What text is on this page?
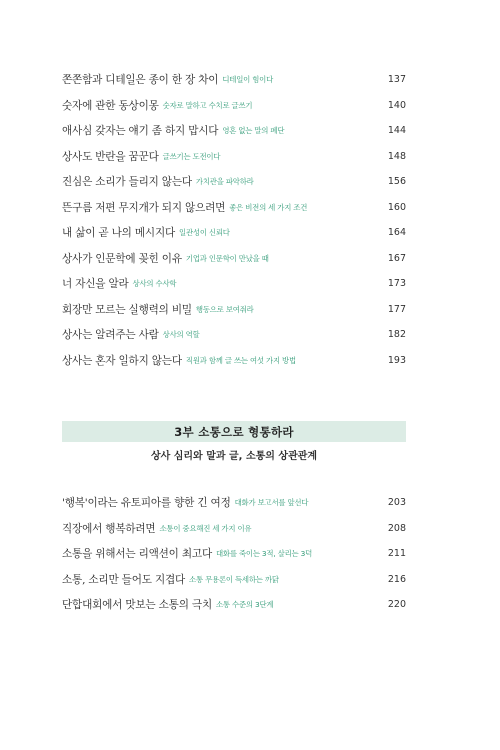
쫀쫀함과 디테일은 종이 한 장 차이 디테일이 힘이다	137
숫자에 관한 동상이몽 숫자로 말하고 수치로 글쓰기	140
애사심 갖자는 얘기 좀 하지 맙시다 영혼 없는 말의 폐단	144
상사도 반란을 꿈꾼다 글쓰기는 도전이다	148
진심은 소리가 들리지 않는다 가치관을 파악하라	156
뜬구름 저편 무지개가 되지 않으려면 좋은 비전의 세 가지 조건	160
내 삶이 곧 나의 메시지다 일관성이 신뢰다	164
상사가 인문학에 꽂힌 이유 기업과 인문학이 만났을 때	167
너 자신을 알라 상사의 수사학	173
회장만 모르는 실행력의 비밀 행동으로 보여줘라	177
상사는 알려주는 사람 상사의 역할	182
상사는 혼자 일하지 않는다 직원과 함께 글 쓰는 여섯 가지 방법	193
3부 소통으로 형통하라
상사 심리와 말과 글, 소통의 상관관계
'행복'이라는 유토피아를 향한 긴 여정 대화가 보고서를 앞선다	203
직장에서 행복하려면 소통이 중요해진 세 가지 이유	208
소통을 위해서는 리액션이 최고다 대화를 죽이는 3적, 살리는 3덕	211
소통, 소리만 들어도 지겹다 소통 무용론이 득세하는 까닭	216
단합대회에서 맛보는 소통의 극치 소통 수준의 3단계	220
